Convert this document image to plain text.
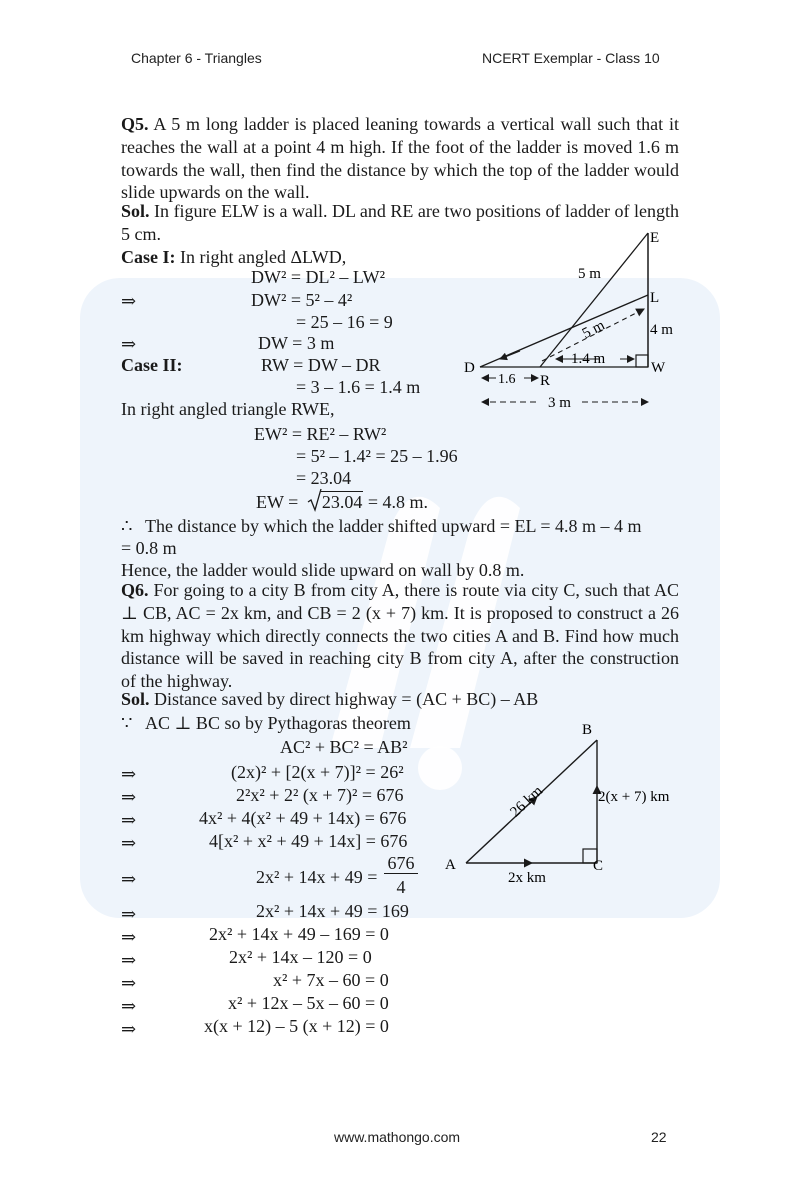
Chapter 6 - Triangles	NCERT Exemplar - Class 10
Q5. A 5 m long ladder is placed leaning towards a vertical wall such that it reaches the wall at a point 4 m high. If the foot of the ladder is moved 1.6 m towards the wall, then find the distance by which the top of the ladder would slide upwards on the wall.
Sol. In figure ELW is a wall. DL and RE are two positions of ladder of length 5 cm.
Case I: In right angled ΔLWD,
DW² = DL² – LW²
⇒	DW² = 5² – 4²
= 25 – 16 = 9
⇒	DW = 3 m
Case II:	RW = DW – DR
= 3 – 1.6 = 1.4 m
In right angled triangle RWE,
EW² = RE² – RW²
= 5² – 1.4² = 25 – 1.96
= 23.04
EW = 23.04 = 4.8 m.
∴ The distance by which the ladder shifted upward = EL = 4.8 m – 4 m
= 0.8 m
Hence, the ladder would slide upward on wall by 0.8 m.
Q6. For going to a city B from city A, there is route via city C, such that AC ⊥ CB, AC = 2x km, and CB = 2 (x + 7) km. It is proposed to construct a 26 km highway which directly connects the two cities A and B. Find how much distance will be saved in reaching city B from city A, after the construction of the highway.
Sol. Distance saved by direct highway = (AC + BC) – AB
∵ AC ⊥ BC so by Pythagoras theorem
AC² + BC² = AB²
⇒	(2x)² + [2(x + 7)]² = 26²
⇒	2²x² + 2² (x + 7)² = 676
⇒	4x² + 4(x² + 49 + 14x) = 676
⇒	4[x² + x² + 49 + 14x] = 676
⇒	$2x^2 + 14x + 49 = \frac{676}{4}$
⇒	2x² + 14x + 49 = 169
⇒	2x² + 14x + 49 – 169 = 0
⇒	2x² + 14x – 120 = 0
⇒	x² + 7x – 60 = 0
⇒	x² + 12x – 5x – 60 = 0
⇒	x(x + 12) – 5 (x + 12) = 0
E
L
D	W
R
5 m
5 m	4 m
1.4 m
1.6
3 m
B
A	C
26 km	2(x + 7) km
2x km
www.mathongo.com	22
